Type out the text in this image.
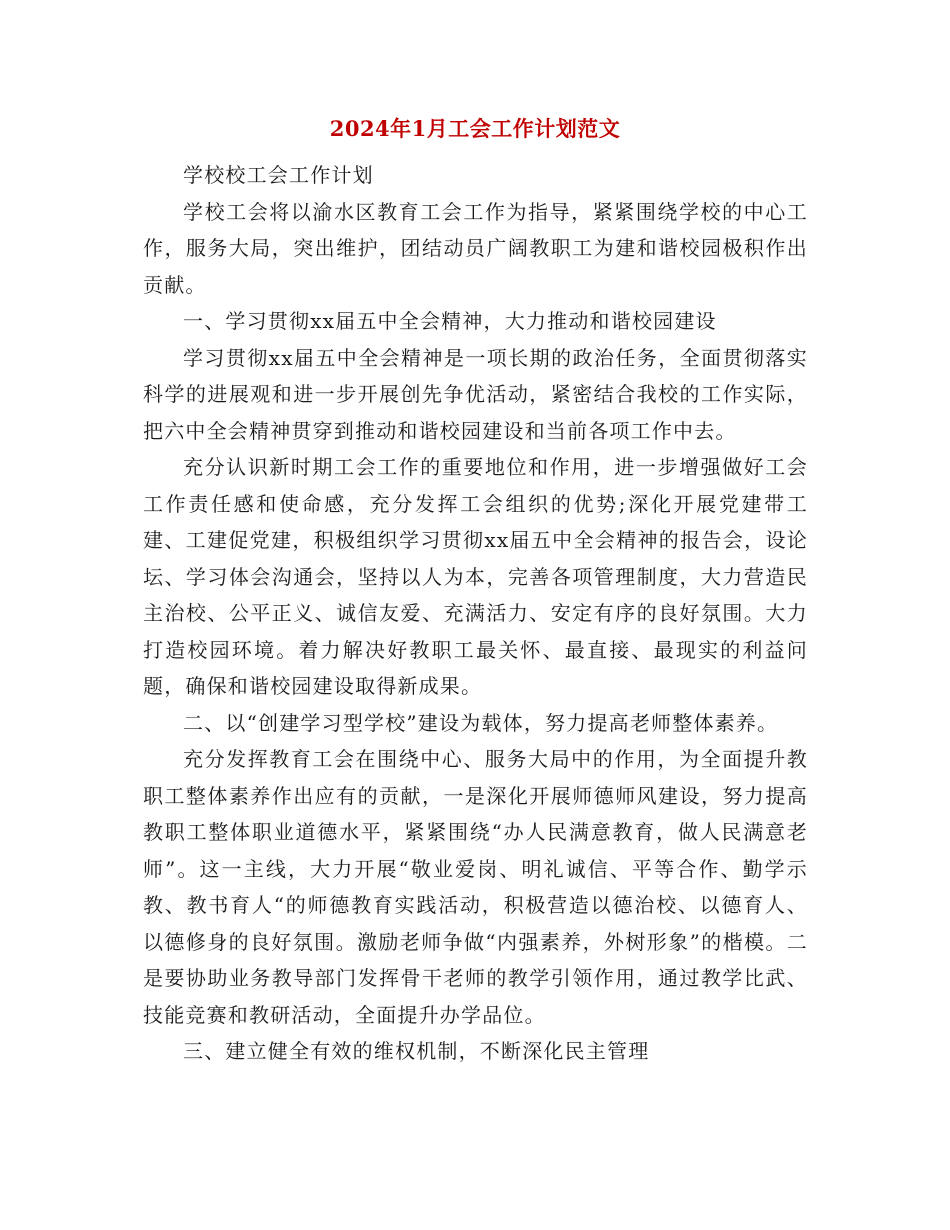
2024年1月工会工作计划范文

学校校工会工作计划

学校工会将以渝水区教育工会工作为指导，紧紧围绕学校的中心工作，服务大局，突出维护，团结动员广阔教职工为建和谐校园极积作出贡献。

一、学习贯彻xx届五中全会精神，大力推动和谐校园建设

学习贯彻xx届五中全会精神是一项长期的政治任务，全面贯彻落实科学的进展观和进一步开展创先争优活动，紧密结合我校的工作实际，把六中全会精神贯穿到推动和谐校园建设和当前各项工作中去。

充分认识新时期工会工作的重要地位和作用，进一步增强做好工会工作责任感和使命感，充分发挥工会组织的优势;深化开展党建带工建、工建促党建，积极组织学习贯彻xx届五中全会精神的报告会，设论坛、学习体会沟通会，坚持以人为本，完善各项管理制度，大力营造民主治校、公平正义、诚信友爱、充满活力、安定有序的良好氛围。大力打造校园环境。着力解决好教职工最关怀、最直接、最现实的利益问题，确保和谐校园建设取得新成果。

二、以“创建学习型学校”建设为载体，努力提高老师整体素养。

充分发挥教育工会在围绕中心、服务大局中的作用，为全面提升教职工整体素养作出应有的贡献，一是深化开展师德师风建设，努力提高教职工整体职业道德水平，紧紧围绕“办人民满意教育，做人民满意老师”。这一主线，大力开展“敬业爱岗、明礼诚信、平等合作、勤学示教、教书育人“的师德教育实践活动，积极营造以德治校、以德育人、以德修身的良好氛围。激励老师争做“内强素养，外树形象”的楷模。二是要协助业务教导部门发挥骨干老师的教学引领作用，通过教学比武、技能竞赛和教研活动，全面提升办学品位。

三、建立健全有效的维权机制，不断深化民主管理
